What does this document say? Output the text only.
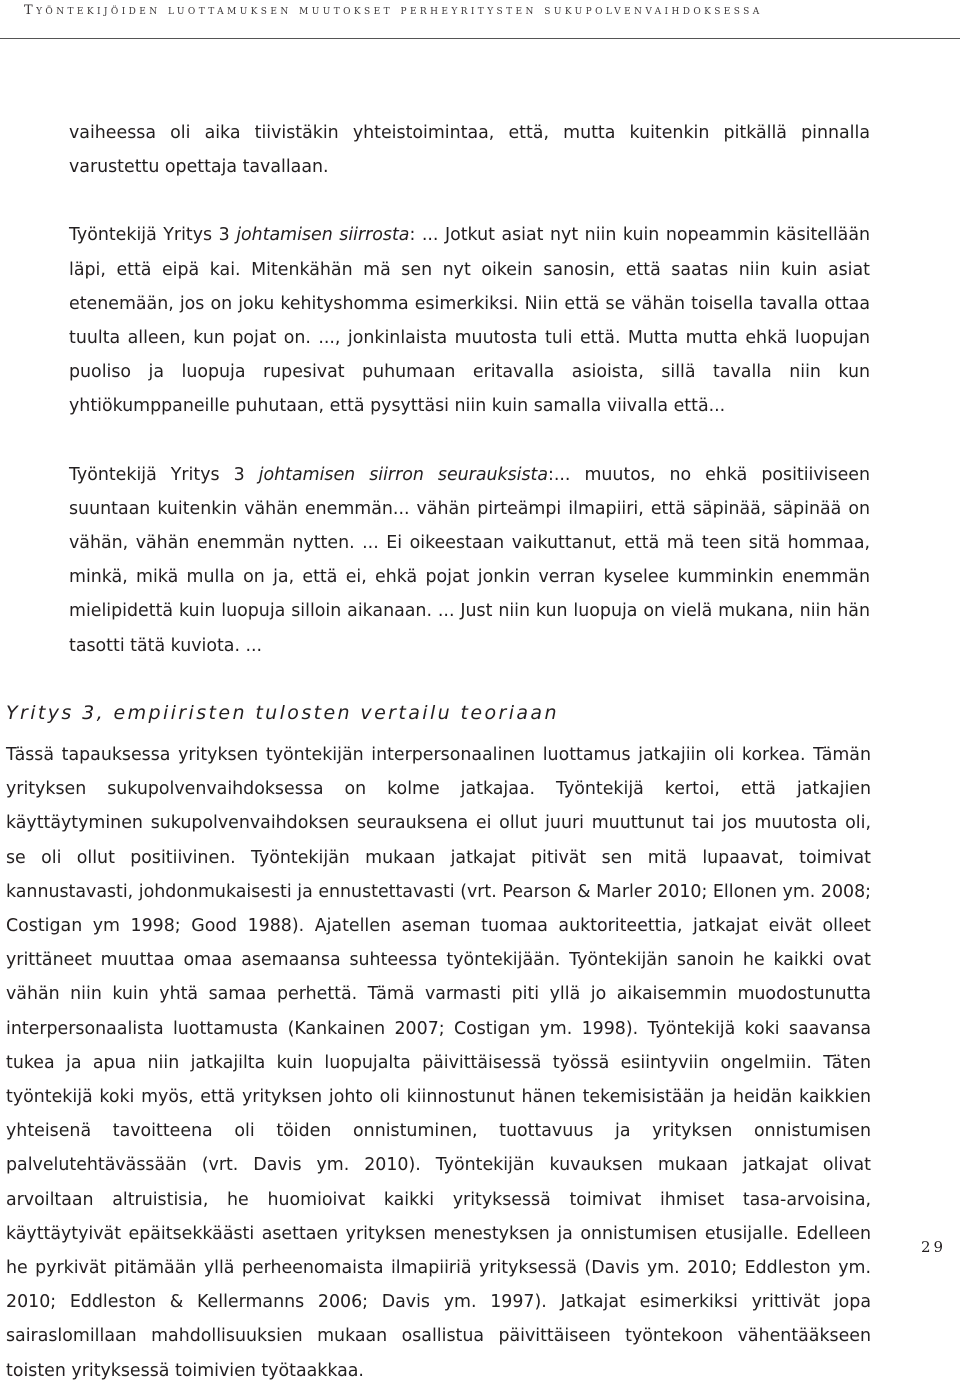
Työntekijöiden luottamuksen muutokset perheyritysten sukupolvenvaihdoksessa

vaiheessa oli aika tiivistäkin yhteistoimintaa, että, mutta kuitenkin pitkällä pinnalla varustettu opettaja tavallaan.

Työntekijä Yritys 3 johtamisen siirrosta: ... Jotkut asiat nyt niin kuin nopeammin käsitellään läpi, että eipä kai. Mitenkähän mä sen nyt oikein sanosin, että saatas niin kuin asiat etenemään, jos on joku kehityshomma esimerkiksi. Niin että se vähän toisella tavalla ottaa tuulta alleen, kun pojat on. ..., jonkinlaista muutosta tuli että. Mutta mutta ehkä luopujan puoliso ja luopuja rupesivat puhumaan eritavalla asioista, sillä tavalla niin kun yhtiökumppaneille puhutaan, että pysyttäsi niin kuin samalla viivalla että...

Työntekijä Yritys 3 johtamisen siirron seurauksista:... muutos, no ehkä positiiviseen suuntaan kuitenkin vähän enemmän... vähän pirteämpi ilmapiiri, että säpinää, säpinää on vähän, vähän enemmän nytten. ... Ei oikeestaan vaikuttanut, että mä teen sitä hommaa, minkä, mikä mulla on ja, että ei, ehkä pojat jonkin verran kyselee kumminkin enemmän mielipidettä kuin luopuja silloin aikanaan. ... Just niin kun luopuja on vielä mukana, niin hän tasotti tätä kuviota. ...

Yritys 3, empiiristen tulosten vertailu teoriaan

Tässä tapauksessa yrityksen työntekijän interpersonaalinen luottamus jatkajiin oli korkea. Tämän yrityksen sukupolvenvaihdoksessa on kolme jatkajaa. Työntekijä kertoi, että jatkajien käyttäytyminen sukupolvenvaihdoksen seurauksena ei ollut juuri muuttunut tai jos muutosta oli, se oli ollut positiivinen. Työntekijän mukaan jatkajat pitivät sen mitä lupaavat, toimivat kannustavasti, johdonmukaisesti ja ennustettavasti (vrt. Pearson & Marler 2010; Ellonen ym. 2008; Costigan ym 1998; Good 1988). Ajatellen aseman tuomaa auktoriteettia, jatkajat eivät olleet yrittäneet muuttaa omaa asemaansa suhteessa työntekijään. Työntekijän sanoin he kaikki ovat vähän niin kuin yhtä samaa perhettä. Tämä varmasti piti yllä jo aikaisemmin muodostunutta interpersonaalista luottamusta (Kankainen 2007; Costigan ym. 1998). Työntekijä koki saavansa tukea ja apua niin jatkajilta kuin luopujalta päivittäisessä työssä esiintyviin ongelmiin. Täten työntekijä koki myös, että yrityksen johto oli kiinnostunut hänen tekemisistään ja heidän kaikkien yhteisenä tavoitteena oli töiden onnistuminen, tuottavuus ja yrityksen onnistumisen palvelutehtävässään (vrt. Davis ym. 2010). Työntekijän kuvauksen mukaan jatkajat olivat arvoiltaan altruistisia, he huomioivat kaikki yrityksessä toimivat ihmiset tasa-arvoisina, käyttäytyivät epäitsekkäästi asettaen yrityksen menestyksen ja onnistumisen etusijalle. Edelleen he pyrkivät pitämään yllä perheenomaista ilmapiiriä yrityksessä (Davis ym. 2010; Eddleston ym. 2010; Eddleston & Kellermanns 2006; Davis ym. 1997). Jatkajat esimerkiksi yrittivät jopa sairaslomillaan mahdollisuuksien mukaan osallistua päivittäiseen työntekoon vähentääkseen toisten yrityksessä toimivien työtaakkaa.

29
